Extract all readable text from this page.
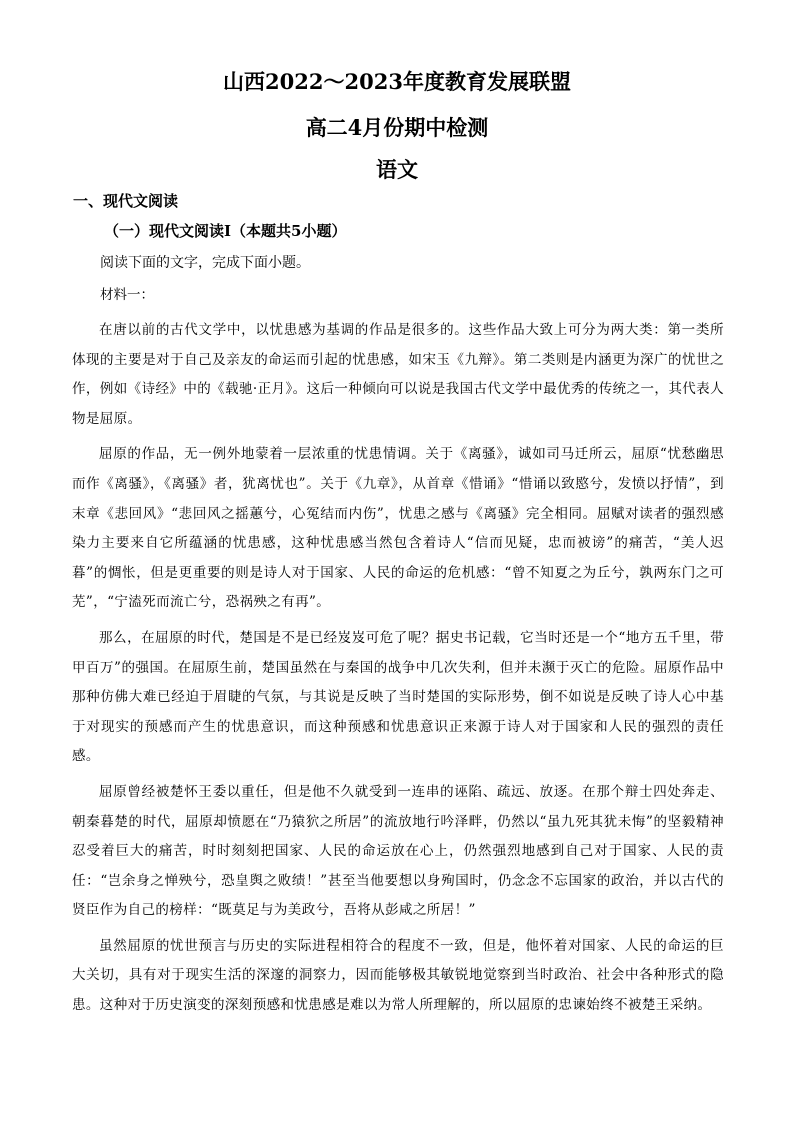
山西2022～2023年度教育发展联盟
高二4月份期中检测
语文
一、现代文阅读
（一）现代文阅读Ⅰ（本题共5小题）
阅读下面的文字，完成下面小题。
材料一：

在唐以前的古代文学中，以忧患感为基调的作品是很多的。这些作品大致上可分为两大类：第一类所体现的主要是对于自己及亲友的命运而引起的忧患感，如宋玉《九辩》。第二类则是内涵更为深广的忧世之作，例如《诗经》中的《载驰·正月》。这后一种倾向可以说是我国古代文学中最优秀的传统之一，其代表人物是屈原。

屈原的作品，无一例外地蒙着一层浓重的忧患情调。关于《离骚》，诚如司马迁所云，屈原“忧愁幽思而作《离骚》，《离骚》者，犹离忧也”。关于《九章》，从首章《惜诵》“惜诵以致愍兮，发愤以抒情”，到末章《悲回风》“悲回风之摇蕙兮，心冤结而内伤”，忧患之感与《离骚》完全相同。屈赋对读者的强烈感染力主要来自它所蕴涵的忧患感，这种忧患感当然包含着诗人“信而见疑，忠而被谤”的痛苦，“美人迟暮”的惆怅，但是更重要的则是诗人对于国家、人民的命运的危机感：“曾不知夏之为丘兮，孰两东门之可芜”，“宁溘死而流亡兮，恐祸殃之有再”。

那么，在屈原的时代，楚国是不是已经岌岌可危了呢？据史书记载，它当时还是一个“地方五千里，带甲百万”的强国。在屈原生前，楚国虽然在与秦国的战争中几次失利，但并未濒于灭亡的危险。屈原作品中那种仿佛大难已经迫于眉睫的气氛，与其说是反映了当时楚国的实际形势，倒不如说是反映了诗人心中基于对现实的预感而产生的忧患意识，而这种预感和忧患意识正来源于诗人对于国家和人民的强烈的责任感。

屈原曾经被楚怀王委以重任，但是他不久就受到一连串的诬陷、疏远、放逐。在那个辩士四处奔走、朝秦暮楚的时代，屈原却愤愿在“乃猿狖之所居”的流放地行吟泽畔，仍然以“虽九死其犹未悔”的坚毅精神忍受着巨大的痛苦，时时刻刻把国家、人民的命运放在心上，仍然强烈地感到自己对于国家、人民的责任：“岂余身之惮殃兮，恐皇舆之败绩！”甚至当他要想以身殉国时，仍念念不忘国家的政治，并以古代的贤臣作为自己的榜样：“既莫足与为美政兮，吾将从彭咸之所居！”

虽然屈原的忧世预言与历史的实际进程相符合的程度不一致，但是，他怀着对国家、人民的命运的巨大关切，具有对于现实生活的深邃的洞察力，因而能够极其敏锐地觉察到当时政治、社会中各种形式的隐患。这种对于历史演变的深刻预感和忧患感是难以为常人所理解的，所以屈原的忠谏始终不被楚王采纳。
